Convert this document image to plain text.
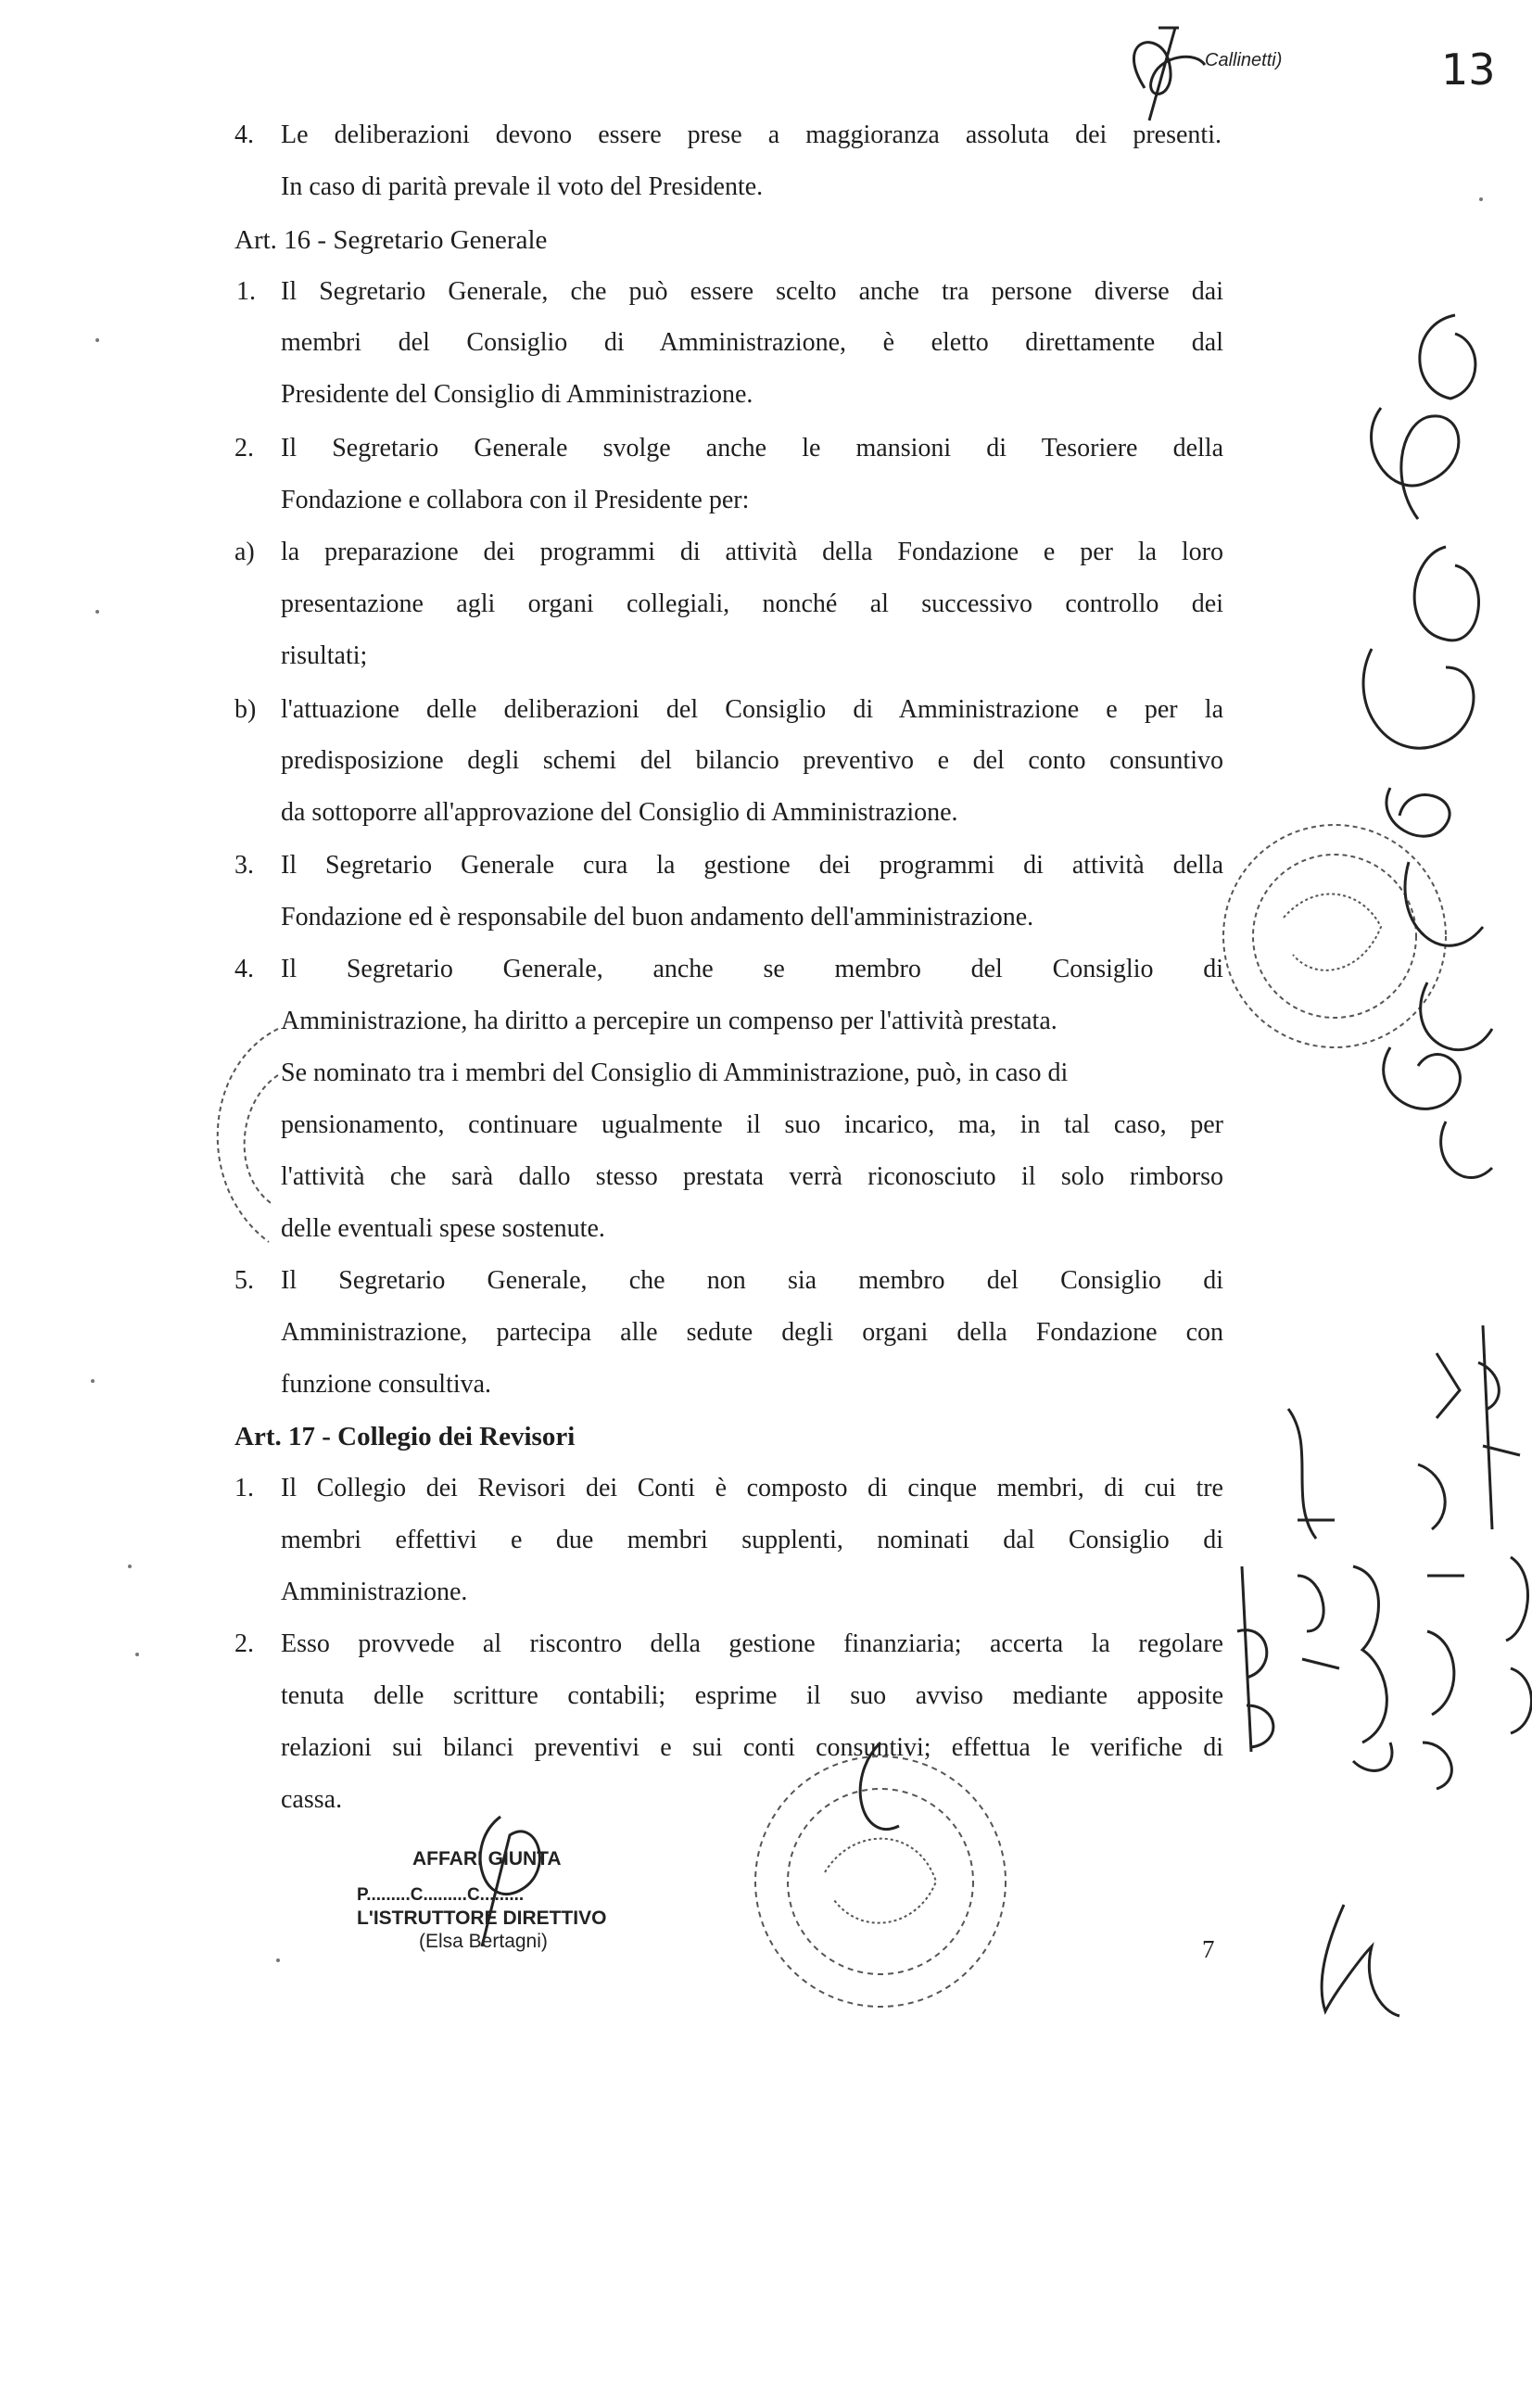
Callinetti)	13

4. Le deliberazioni devono essere prese a maggioranza assoluta dei presenti.

In caso di parità prevale il voto del Presidente.

Art. 16 - Segretario Generale

1. Il Segretario Generale, che può essere scelto anche tra persone diverse dai

membri del Consiglio di Amministrazione, è eletto direttamente dal

Presidente del Consiglio di Amministrazione.

2. Il Segretario Generale svolge anche le mansioni di Tesoriere della

Fondazione e collabora con il Presidente per:

a) la preparazione dei programmi di attività della Fondazione e per la loro

presentazione agli organi collegiali, nonché al successivo controllo dei

risultati;

b) l'attuazione delle deliberazioni del Consiglio di Amministrazione e per la

predisposizione degli schemi del bilancio preventivo e del conto consuntivo

da sottoporre all'approvazione del Consiglio di Amministrazione.

3. Il Segretario Generale cura la gestione dei programmi di attività della

Fondazione ed è responsabile del buon andamento dell'amministrazione.

4. Il Segretario Generale, anche se membro del Consiglio di

Amministrazione, ha diritto a percepire un compenso per l'attività prestata.

Se nominato tra i membri del Consiglio di Amministrazione, può, in caso di

pensionamento, continuare ugualmente il suo incarico, ma, in tal caso, per

l'attività che sarà dallo stesso prestata verrà riconosciuto il solo rimborso

delle eventuali spese sostenute.

5. Il Segretario Generale, che non sia membro del Consiglio di

Amministrazione, partecipa alle sedute degli organi della Fondazione con

funzione consultiva.

Art. 17 - Collegio dei Revisori

1. Il Collegio dei Revisori dei Conti è composto di cinque membri, di cui tre

membri effettivi e due membri supplenti, nominati dal Consiglio di

Amministrazione.

2. Esso provvede al riscontro della gestione finanziaria; accerta la regolare

tenuta delle scritture contabili; esprime il suo avviso mediante apposite

relazioni sui bilanci preventivi e sui conti consuntivi; effettua le verifiche di

cassa.

AFFARI GIUNTA

P.........C.........C.........

L'ISTRUTTORE DIRETTIVO

(Elsa Bertagni)	7
